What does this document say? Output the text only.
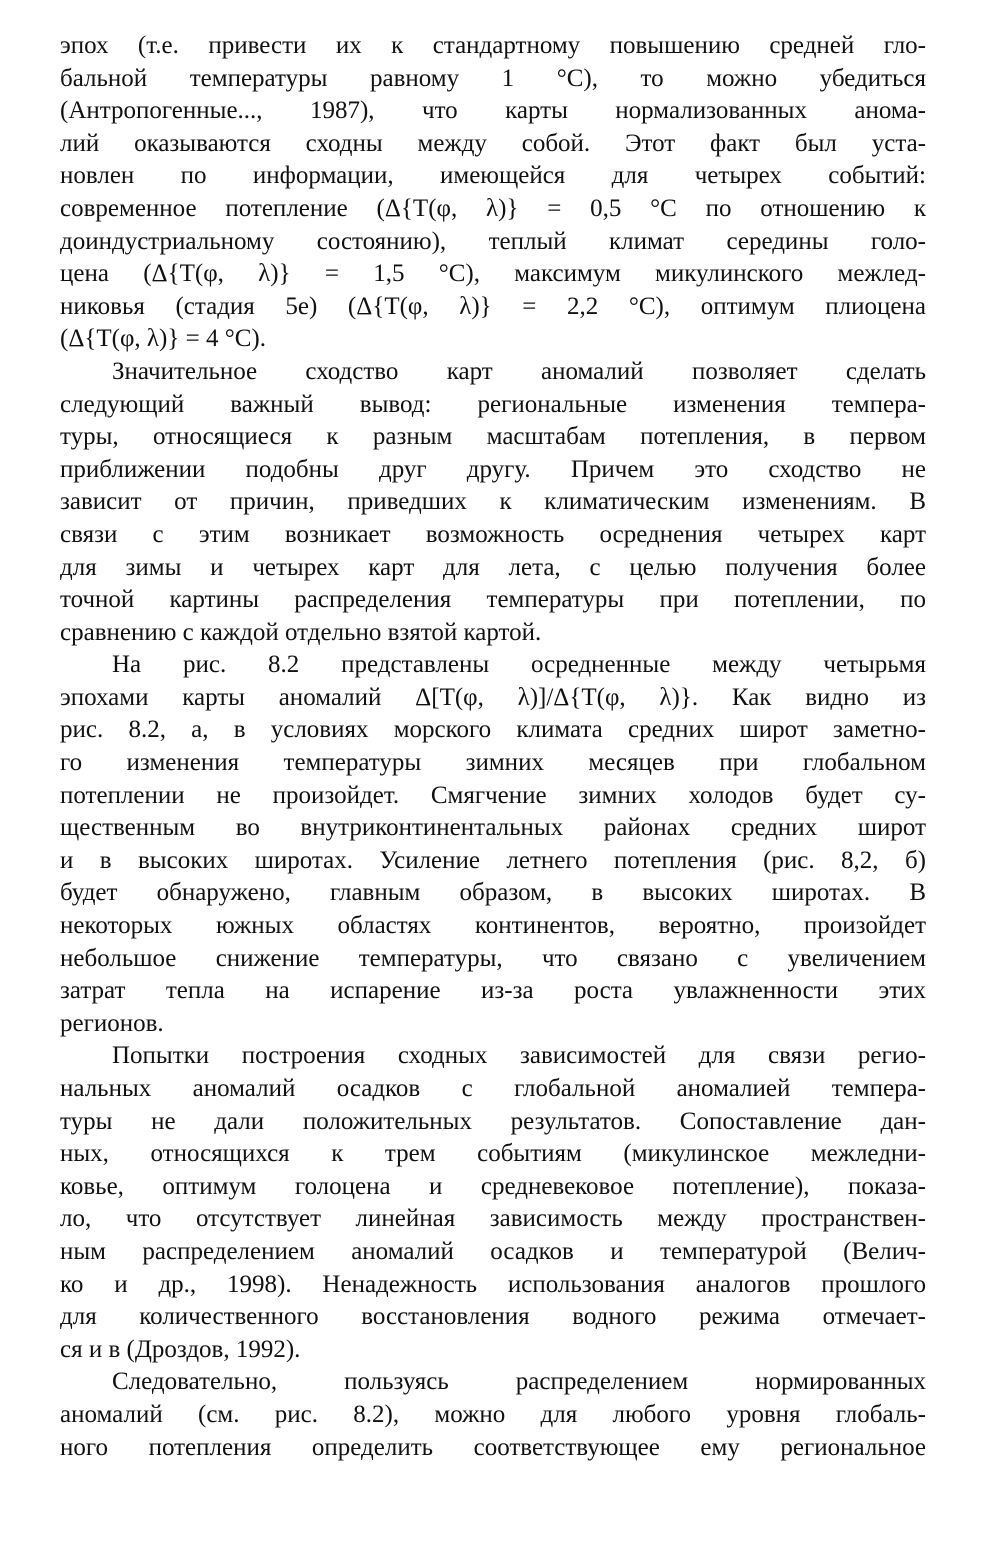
эпох (т.е. привести их к стандартному повышению средней гло-
бальной температуры равному 1 °С), то можно убедиться
(Антропогенные..., 1987), что карты нормализованных анома-
лий оказываются сходны между собой. Этот факт был уста-
новлен по информации, имеющейся для четырех событий:
современное потепление (Δ{T(φ, λ)} = 0,5 °С по отношению к
доиндустриальному состоянию), теплый климат середины голо-
цена (Δ{T(φ, λ)} = 1,5 °С), максимум микулинского межлед-
никовья (стадия 5е) (Δ{T(φ, λ)} = 2,2 °С), оптимум плиоцена
(Δ{T(φ, λ)} = 4 °С).
Значительное сходство карт аномалий позволяет сделать
следующий важный вывод: региональные изменения темпера-
туры, относящиеся к разным масштабам потепления, в первом
приближении подобны друг другу. Причем это сходство не
зависит от причин, приведших к климатическим изменениям. В
связи с этим возникает возможность осреднения четырех карт
для зимы и четырех карт для лета, с целью получения более
точной картины распределения температуры при потеплении, по
сравнению с каждой отдельно взятой картой.
На рис. 8.2 представлены осредненные между четырьмя
эпохами карты аномалий Δ[T(φ, λ)]/Δ{T(φ, λ)}. Как видно из
рис. 8.2, а, в условиях морского климата средних широт заметно-
го изменения температуры зимних месяцев при глобальном
потеплении не произойдет. Смягчение зимних холодов будет су-
щественным во внутриконтинентальных районах средних широт
и в высоких широтах. Усиление летнего потепления (рис. 8,2, б)
будет обнаружено, главным образом, в высоких широтах. В
некоторых южных областях континентов, вероятно, произойдет
небольшое снижение температуры, что связано с увеличением
затрат тепла на испарение из-за роста увлажненности этих
регионов.
Попытки построения сходных зависимостей для связи регио-
нальных аномалий осадков с глобальной аномалией темпера-
туры не дали положительных результатов. Сопоставление дан-
ных, относящихся к трем событиям (микулинское межледни-
ковье, оптимум голоцена и средневековое потепление), показа-
ло, что отсутствует линейная зависимость между пространствен-
ным распределением аномалий осадков и температурой (Велич-
ко и др., 1998). Ненадежность использования аналогов прошлого
для количественного восстановления водного режима отмечает-
ся и в (Дроздов, 1992).
Следовательно, пользуясь распределением нормированных
аномалий (см. рис. 8.2), можно для любого уровня глобаль-
ного потепления определить соответствующее ему региональное
